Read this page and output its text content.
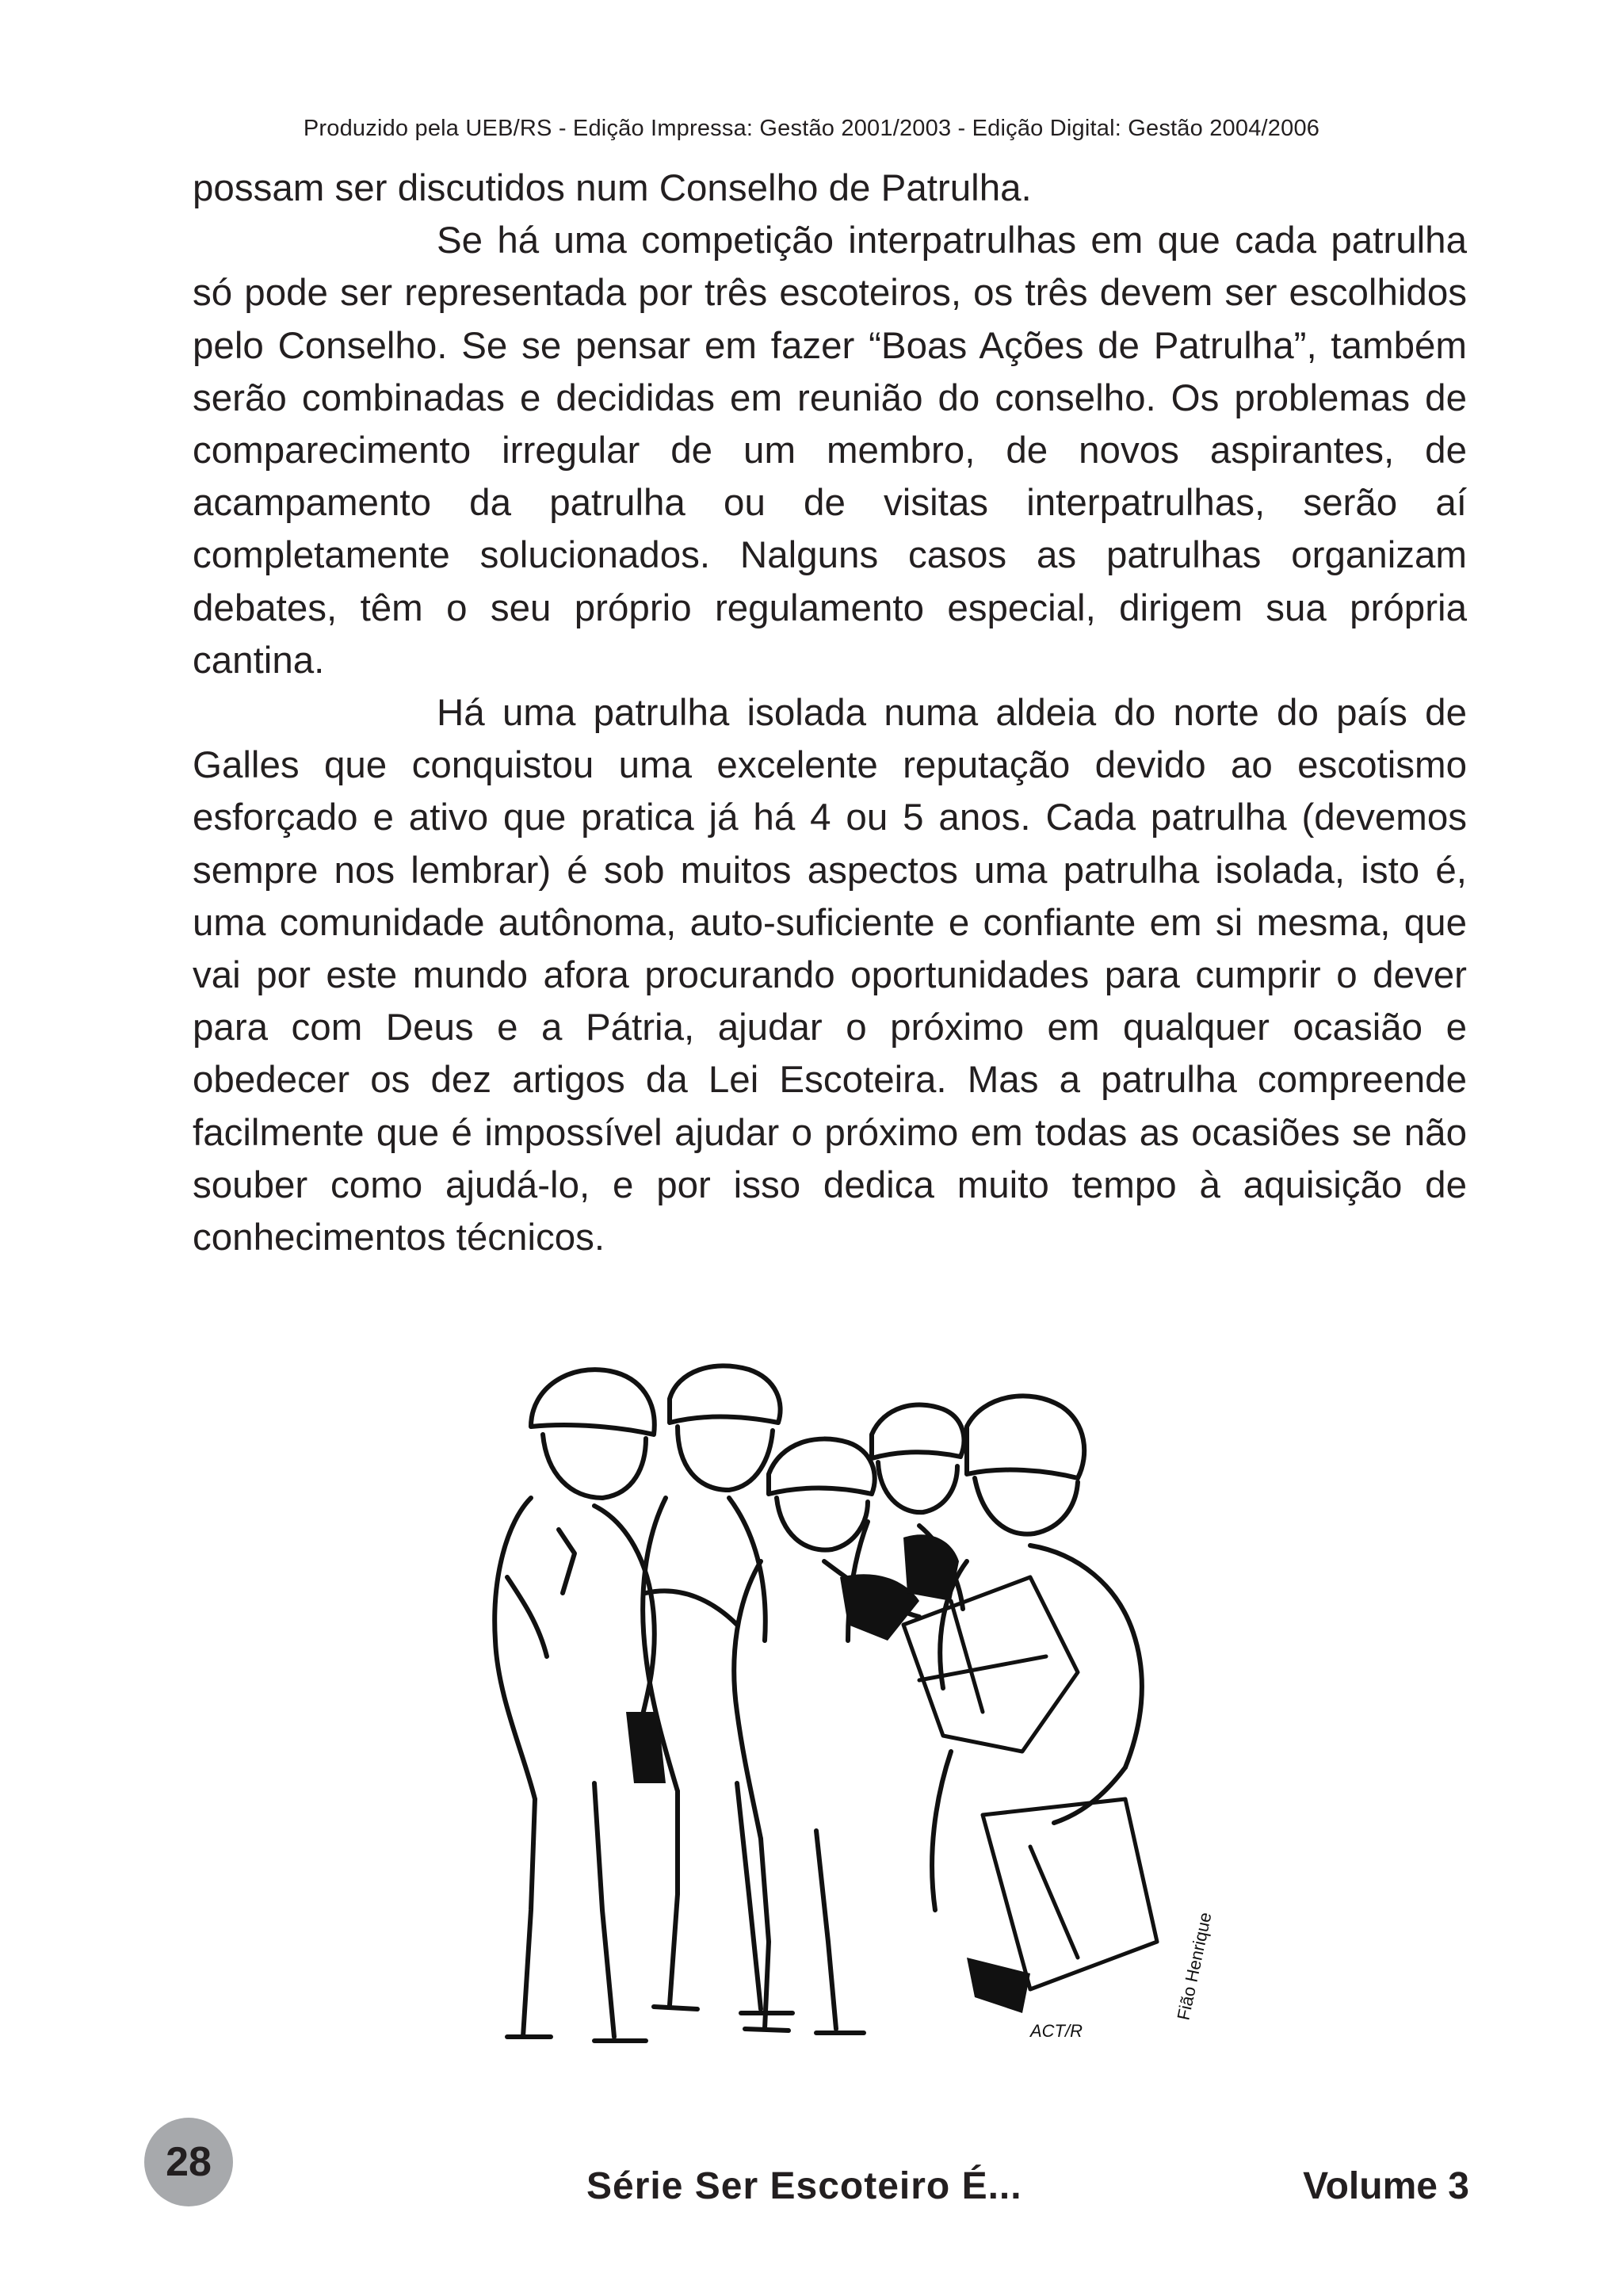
Produzido pela UEB/RS - Edição Impressa: Gestão 2001/2003 - Edição Digital: Gestão 2004/2006

possam ser discutidos num Conselho de Patrulha.

Se há uma competição interpatrulhas em que cada patrulha só pode ser representada por três escoteiros, os três devem ser escolhidos pelo Conselho. Se se pensar em fazer “Boas Ações de Patrulha”, também serão combinadas e decididas em reunião do conselho. Os problemas de comparecimento irregular de um membro, de novos aspirantes, de acampamento da patrulha ou de visitas interpatrulhas, serão aí completamente solucionados. Nalguns casos as patrulhas organizam debates, têm o seu próprio regulamento especial, dirigem sua própria cantina.

Há uma patrulha isolada numa aldeia do norte do país de Galles que conquistou uma excelente reputação devido ao escotismo esforçado e ativo que pratica já há 4 ou 5 anos. Cada patrulha (devemos sempre nos lembrar) é sob muitos aspectos uma patrulha isolada, isto é, uma comunidade autônoma, auto-suficiente e confiante em si mesma, que vai por este mundo afora procurando oportunidades para cumprir o dever para com Deus e a Pátria, ajudar o próximo em qualquer ocasião e obedecer os dez artigos da Lei Escoteira. Mas a patrulha compreende facilmente que é impossível ajudar o próximo em todas as ocasiões se não souber como ajudá-lo, e por isso dedica muito tempo à aquisição de conhecimentos técnicos.

Fião Henrique
ACT/R
28
Série Ser Escoteiro É...	Volume 3
